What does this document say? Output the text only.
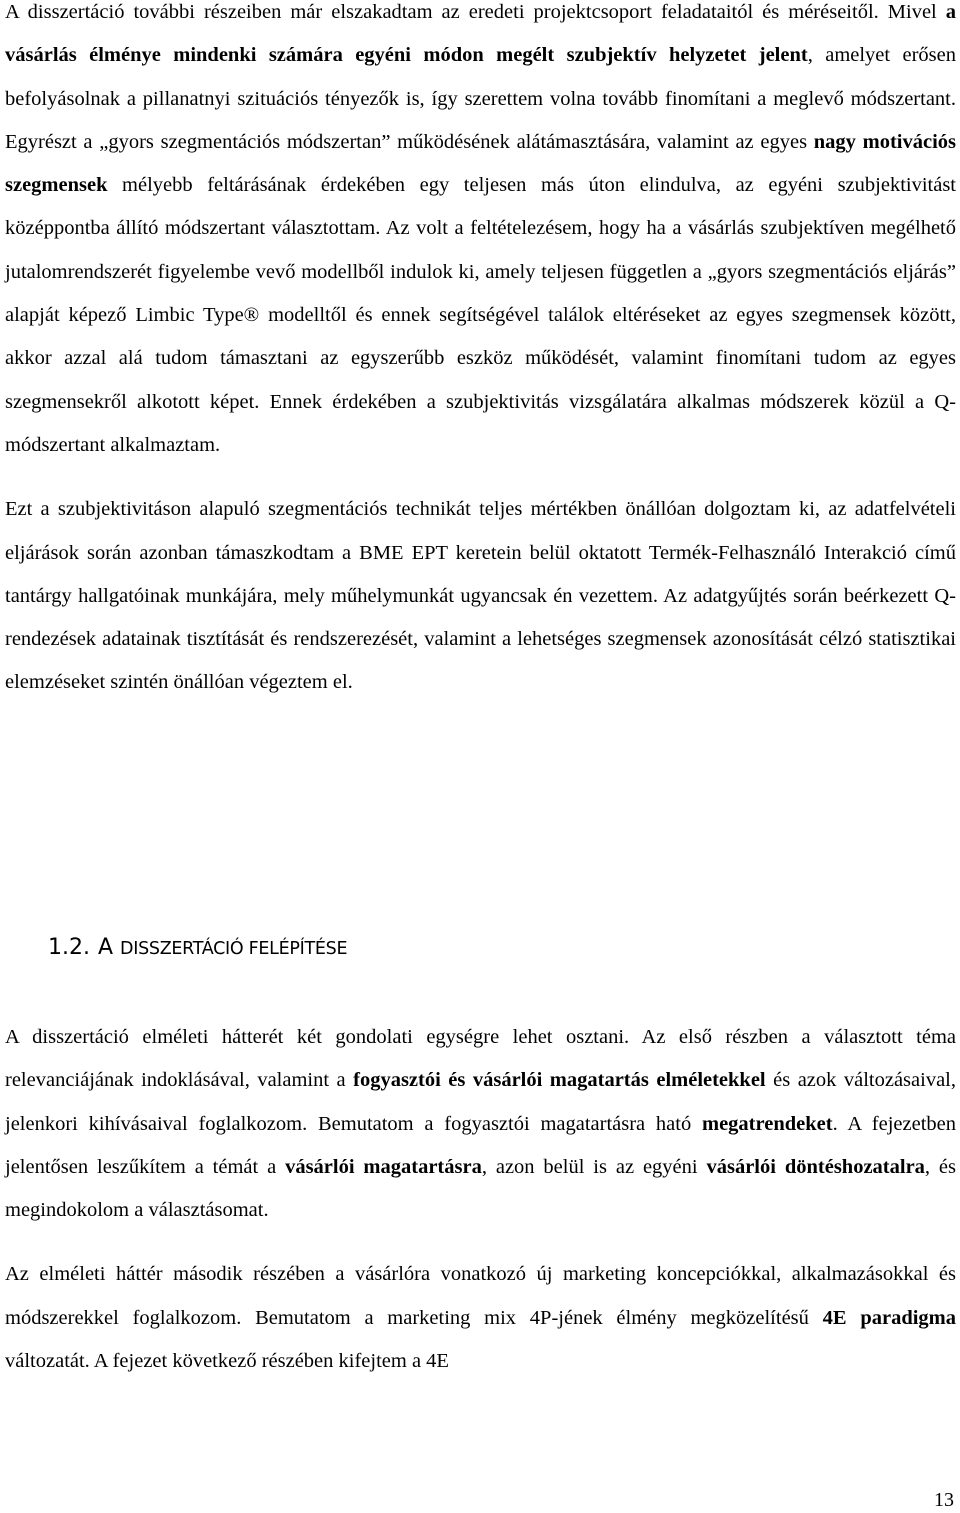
A disszertáció további részeiben már elszakadtam az eredeti projektcsoport feladataitól és méréseitől. Mivel a vásárlás élménye mindenki számára egyéni módon megélt szubjektív helyzetet jelent, amelyet erősen befolyásolnak a pillanatnyi szituációs tényezők is, így szerettem volna tovább finomítani a meglevő módszertant. Egyrészt a „gyors szegmentációs módszertan” működésének alátámasztására, valamint az egyes nagy motivációs szegmensek mélyebb feltárásának érdekében egy teljesen más úton elindulva, az egyéni szubjektivitást középpontba állító módszertant választottam. Az volt a feltételezésem, hogy ha a vásárlás szubjektíven megélhető jutalomrendszerét figyelembe vevő modellből indulok ki, amely teljesen független a „gyors szegmentációs eljárás” alapját képező Limbic Type® modelltől és ennek segítségével találok eltéréseket az egyes szegmensek között, akkor azzal alá tudom támasztani az egyszerűbb eszköz működését, valamint finomítani tudom az egyes szegmensekről alkotott képet. Ennek érdekében a szubjektivitás vizsgálatára alkalmas módszerek közül a Q-módszertant alkalmaztam.

Ezt a szubjektivitáson alapuló szegmentációs technikát teljes mértékben önállóan dolgoztam ki, az adatfelvételi eljárások során azonban támaszkodtam a BME EPT keretein belül oktatott Termék-Felhasználó Interakció című tantárgy hallgatóinak munkájára, mely műhelymunkát ugyancsak én vezettem. Az adatgyűjtés során beérkezett Q-rendezések adatainak tisztítását és rendszerezését, valamint a lehetséges szegmensek azonosítását célzó statisztikai elemzéseket szintén önállóan végeztem el.

1.2. A DISSZERTÁCIÓ FELÉPÍTÉSE

A disszertáció elméleti hátterét két gondolati egységre lehet osztani. Az első részben a választott téma relevanciájának indoklásával, valamint a fogyasztói és vásárlói magatartás elméletekkel és azok változásaival, jelenkori kihívásaival foglalkozom. Bemutatom a fogyasztói magatartásra ható megatrendeket. A fejezetben jelentősen leszűkítem a témát a vásárlói magatartásra, azon belül is az egyéni vásárlói döntéshozatalra, és megindokolom a választásomat.

Az elméleti háttér második részében a vásárlóra vonatkozó új marketing koncepciókkal, alkalmazásokkal és módszerekkel foglalkozom. Bemutatom a marketing mix 4P-jének élmény megközelítésű 4E paradigma változatát. A fejezet következő részében kifejtem a 4E

13
